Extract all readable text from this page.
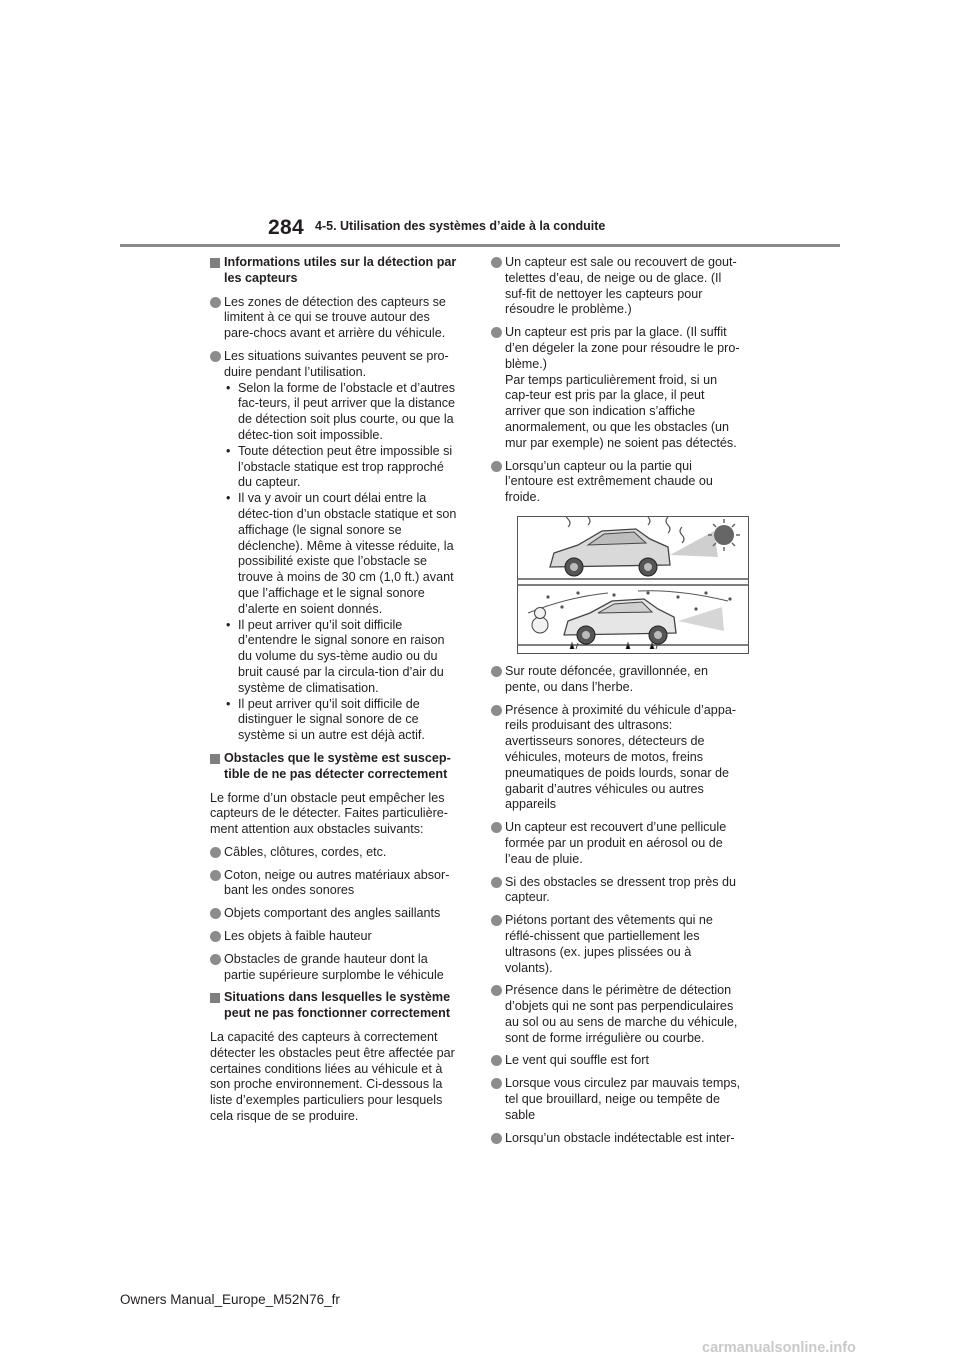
284 4-5. Utilisation des systèmes d’aide à la conduite
Informations utiles sur la détection par les capteurs
Les zones de détection des capteurs se limitent à ce qui se trouve autour des pare-chocs avant et arrière du véhicule.
Les situations suivantes peuvent se pro-duire pendant l’utilisation.
• Selon la forme de l’obstacle et d’autres fac-teurs, il peut arriver que la distance de détection soit plus courte, ou que la détec-tion soit impossible.
• Toute détection peut être impossible si l’obstacle statique est trop rapproché du capteur.
• Il va y avoir un court délai entre la détec-tion d’un obstacle statique et son affichage (le signal sonore se déclenche). Même à vitesse réduite, la possibilité existe que l’obstacle se trouve à moins de 30 cm (1,0 ft.) avant que l’affichage et le signal sonore d’alerte en soient donnés.
• Il peut arriver qu’il soit difficile d’entendre le signal sonore en raison du volume du sys-tème audio ou du bruit causé par la circula-tion d’air du système de climatisation.
• Il peut arriver qu’il soit difficile de distinguer le signal sonore de ce système si un autre est déjà actif.
Obstacles que le système est suscep-tible de ne pas détecter correctement
Le forme d’un obstacle peut empêcher les capteurs de le détecter. Faites particulière-ment attention aux obstacles suivants:
Câbles, clôtures, cordes, etc.
Coton, neige ou autres matériaux absor-bant les ondes sonores
Objets comportant des angles saillants
Les objets à faible hauteur
Obstacles de grande hauteur dont la partie supérieure surplombe le véhicule
Situations dans lesquelles le système peut ne pas fonctionner correctement
La capacité des capteurs à correctement détecter les obstacles peut être affectée par certaines conditions liées au véhicule et à son proche environnement. Ci-dessous la liste d’exemples particuliers pour lesquels cela risque de se produire.
Un capteur est sale ou recouvert de gout-telettes d’eau, de neige ou de glace. (Il suf-fit de nettoyer les capteurs pour résoudre le problème.)
Un capteur est pris par la glace. (Il suffit d’en dégeler la zone pour résoudre le pro-blème.)
Par temps particulièrement froid, si un cap-teur est pris par la glace, il peut arriver que son indication s’affiche anormalement, ou que les obstacles (un mur par exemple) ne soient pas détectés.
Lorsqu’un capteur ou la partie qui l’entoure est extrêmement chaude ou froide.
Sur route défoncée, gravillonnée, en pente, ou dans l’herbe.
Présence à proximité du véhicule d’appa-reils produisant des ultrasons: avertisseurs sonores, détecteurs de véhicules, moteurs de motos, freins pneumatiques de poids lourds, sonar de gabarit d’autres véhicules ou autres appareils
Un capteur est recouvert d’une pellicule formée par un produit en aérosol ou de l’eau de pluie.
Si des obstacles se dressent trop près du capteur.
Piétons portant des vêtements qui ne réflé-chissent que partiellement les ultrasons (ex. jupes plissées ou à volants).
Présence dans le périmètre de détection d’objets qui ne sont pas perpendiculaires au sol ou au sens de marche du véhicule, sont de forme irrégulière ou courbe.
Le vent qui souffle est fort
Lorsque vous circulez par mauvais temps, tel que brouillard, neige ou tempête de sable
Lorsqu’un obstacle indétectable est inter-
Owners Manual_Europe_M52N76_fr
carmanualsonline.info
